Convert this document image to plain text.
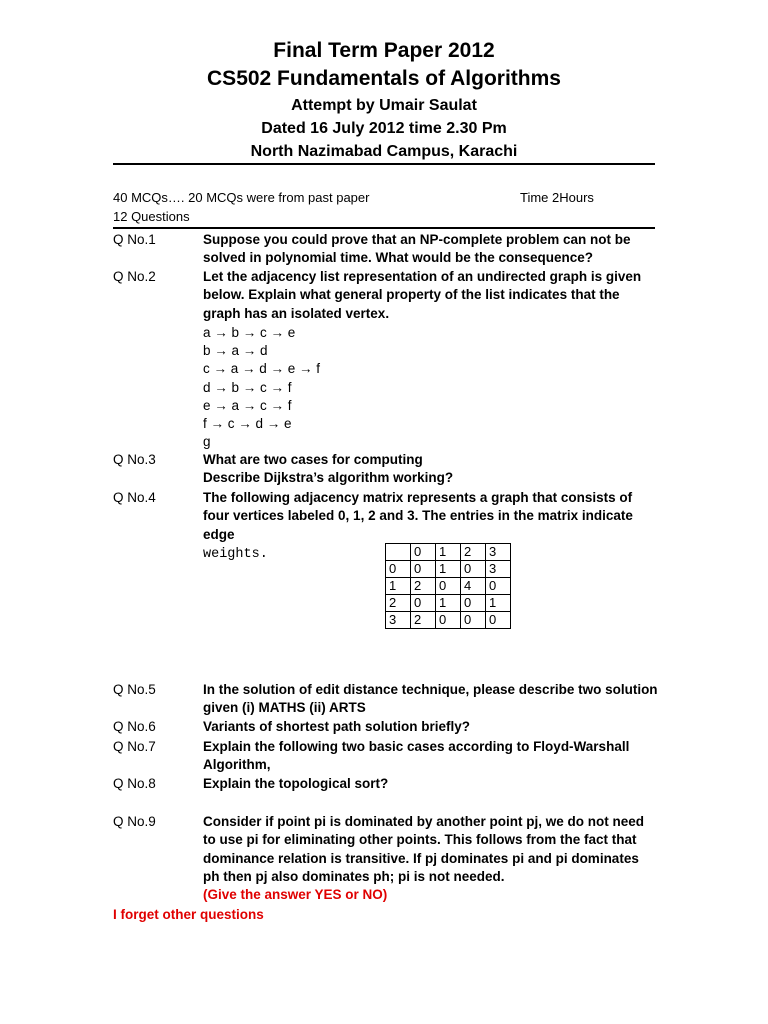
Final Term Paper 2012
CS502 Fundamentals of Algorithms
Attempt by Umair Saulat
Dated 16 July 2012 time 2.30 Pm
North Nazimabad Campus, Karachi
40 MCQs…. 20 MCQs were from past paper	Time 2Hours
12 Questions
Q No.1	Suppose you could prove that an NP-complete problem can not be solved in polynomial time. What would be the consequence?
Q No.2	Let the adjacency list representation of an undirected graph is given below. Explain what general property of the list indicates that the graph has an isolated vertex.
a → b → c → e
b → a → d
c → a → d → e → f
d → b → c → f
e → a → c → f
f → c → d → e
g
Q No.3	What are two cases for computing
Describe Dijkstra’s algorithm working?
Q No.4	The following adjacency matrix represents a graph that consists of four vertices labeled 0, 1, 2 and 3. The entries in the matrix indicate edge
weights.
		0	1	2	3
0	0	1	0	3
1	2	0	4	0
2	0	1	0	1
3	2	0	0	0
Q No.5	In the solution of edit distance technique, please describe two solution given (i) MATHS (ii) ARTS
Q No.6	Variants of shortest path solution briefly?
Q No.7	Explain the following two basic cases according to Floyd-Warshall Algorithm,
Q No.8	Explain the topological sort?
Q No.9	Consider if point pi is dominated by another point pj, we do not need to use pi for eliminating other points. This follows from the fact that dominance relation is transitive. If pj dominates pi and pi dominates ph then pj also dominates ph; pi is not needed.
(Give the answer YES or NO)
I forget other questions
